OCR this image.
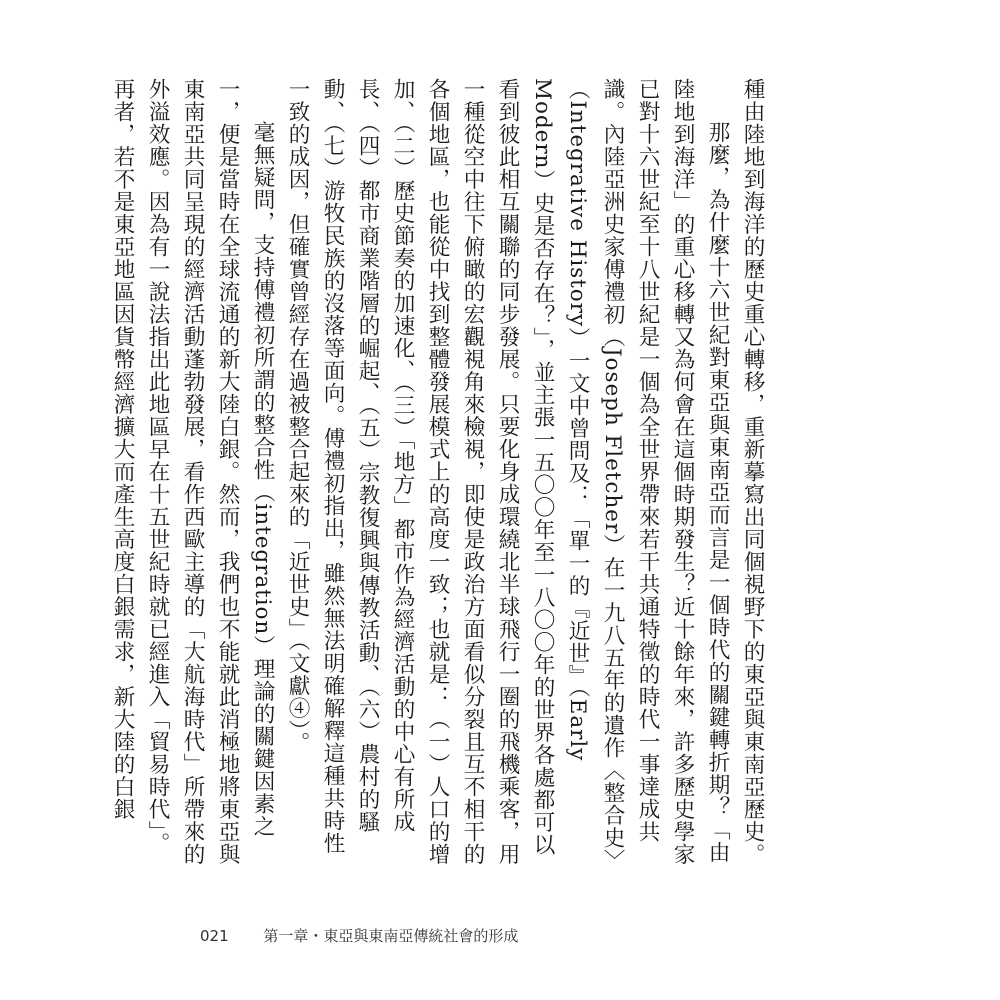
種由陸地到海洋的歷史重心轉移，重新摹寫出同個視野下的東亞與東南亞歷史。

那麼，為什麼十六世紀對東亞與東南亞而言是一個時代的關鍵轉折期？「由陸地到海洋」的重心移轉又為何會在這個時期發生？近十餘年來，許多歷史學家已對十六世紀至十八世紀是一個為全世界帶來若干共通特徵的時代一事達成共識。內陸亞洲史家傅禮初（Joseph Fletcher）在一九八五年的遺作〈整合史〉（Integrative History）一文中曾問及：「單一的『近世』（Early Modern）史是否存在？」，並主張一五〇〇年至一八〇〇年的世界各處都可以看到彼此相互關聯的同步發展。只要化身成環繞北半球飛行一圈的飛機乘客，用一種從空中往下俯瞰的宏觀視角來檢視，即使是政治方面看似分裂且互不相干的各個地區，也能從中找到整體發展模式上的高度一致；也就是：（一）人口的增加、（二）歷史節奏的加速化、（三）「地方」都市作為經濟活動的中心有所成長、（四）都市商業階層的崛起、（五）宗教復興與傳教活動、（六）農村的騷動、（七）游牧民族的沒落等面向。傅禮初指出，雖然無法明確解釋這種共時性一致的成因，但確實曾經存在過被整合起來的「近世史」（文獻④）。

毫無疑問，支持傅禮初所謂的整合性（integration）理論的關鍵因素之一，便是當時在全球流通的新大陸白銀。然而，我們也不能就此消極地將東亞與東南亞共同呈現的經濟活動蓬勃發展，看作西歐主導的「大航海時代」所帶來的外溢效應。因為有一說法指出此地區早在十五世紀時就已經進入「貿易時代」。再者，若不是東亞地區因貨幣經濟擴大而產生高度白銀需求，新大陸的白銀

021 第一章・東亞與東南亞傳統社會的形成
